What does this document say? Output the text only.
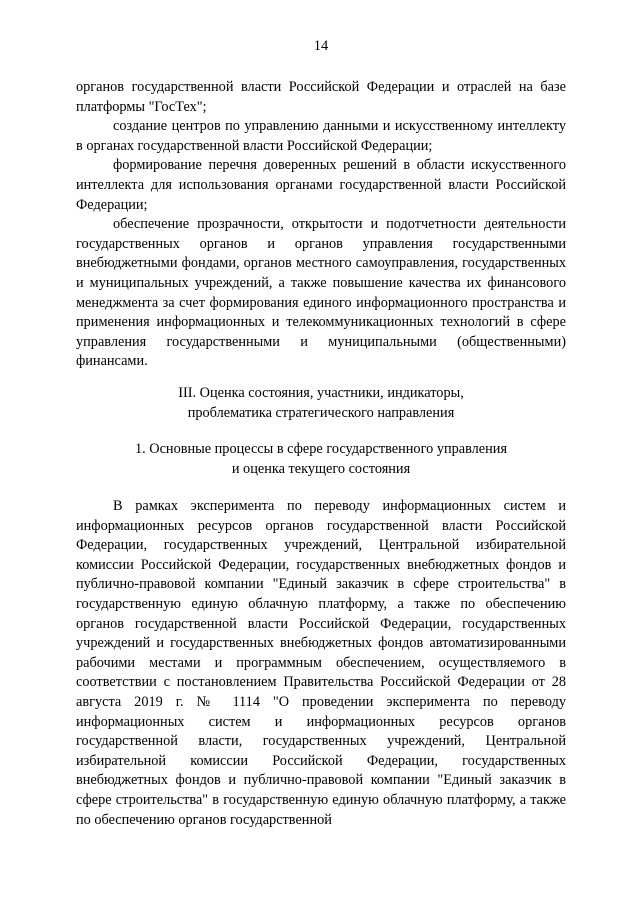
14

органов государственной власти Российской Федерации и отраслей на базе платформы "ГосТех";

создание центров по управлению данными и искусственному интеллекту в органах государственной власти Российской Федерации;

формирование перечня доверенных решений в области искусственного интеллекта для использования органами государственной власти Российской Федерации;

обеспечение прозрачности, открытости и подотчетности деятельности государственных органов и органов управления государственными внебюджетными фондами, органов местного самоуправления, государственных и муниципальных учреждений, а также повышение качества их финансового менеджмента за счет формирования единого информационного пространства и применения информационных и телекоммуникационных технологий в сфере управления государственными и муниципальными (общественными) финансами.

III. Оценка состояния, участники, индикаторы,
проблематика стратегического направления
1. Основные процессы в сфере государственного управления
и оценка текущего состояния

В рамках эксперимента по переводу информационных систем и информационных ресурсов органов государственной власти Российской Федерации, государственных учреждений, Центральной избирательной комиссии Российской Федерации, государственных внебюджетных фондов и публично-правовой компании "Единый заказчик в сфере строительства" в государственную единую облачную платформу, а также по обеспечению органов государственной власти Российской Федерации, государственных учреждений и государственных внебюджетных фондов автоматизированными рабочими местами и программным обеспечением, осуществляемого в соответствии с постановлением Правительства Российской Федерации от 28 августа 2019 г. № 1114 "О проведении эксперимента по переводу информационных систем и информационных ресурсов органов государственной власти, государственных учреждений, Центральной избирательной комиссии Российской Федерации, государственных внебюджетных фондов и публично-правовой компании "Единый заказчик в сфере строительства" в государственную единую облачную платформу, а также по обеспечению органов государственной
